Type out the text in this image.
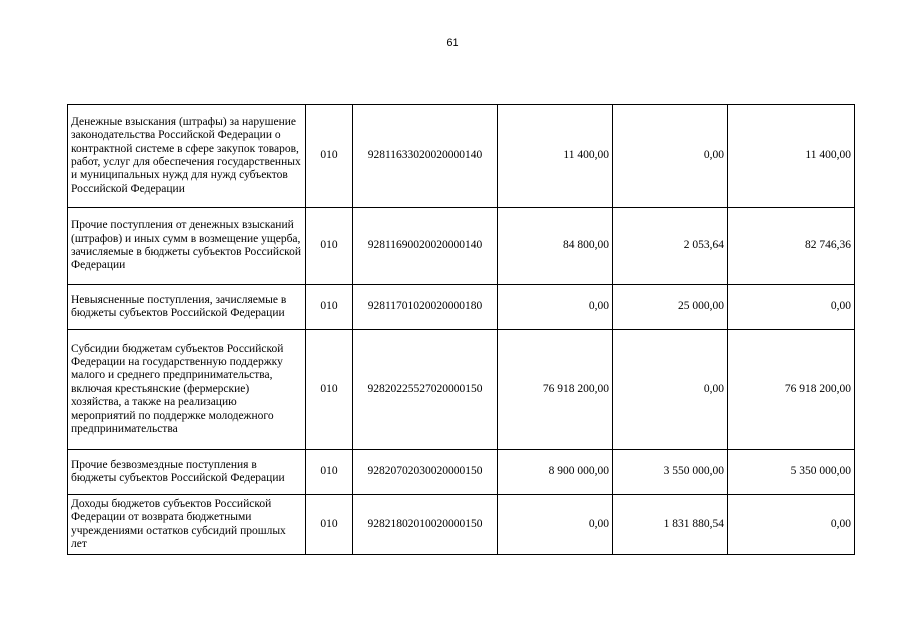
61
Денежные взыскания (штрафы) за нарушение законодательства Российской Федерации о контрактной системе в сфере закупок товаров, работ, услуг для обеспечения государственных и муниципальных нужд для нужд субъектов Российской Федерации	010	92811633020020000140	11 400,00	0,00	11 400,00
Прочие поступления от денежных взысканий (штрафов) и иных сумм в возмещение ущерба, зачисляемые в бюджеты субъектов Российской Федерации	010	92811690020020000140	84 800,00	2 053,64	82 746,36
Невыясненные поступления, зачисляемые в бюджеты субъектов Российской Федерации	010	92811701020020000180	0,00	25 000,00	0,00
Субсидии бюджетам субъектов Российской Федерации на государственную поддержку малого и среднего предпринимательства, включая крестьянские (фермерские) хозяйства, а также на реализацию мероприятий по поддержке молодежного предпринимательства	010	92820225527020000150	76 918 200,00	0,00	76 918 200,00
Прочие безвозмездные поступления в бюджеты субъектов Российской Федерации	010	92820702030020000150	8 900 000,00	3 550 000,00	5 350 000,00
Доходы бюджетов субъектов Российской Федерации от возврата бюджетными учреждениями остатков субсидий прошлых лет	010	92821802010020000150	0,00	1 831 880,54	0,00
